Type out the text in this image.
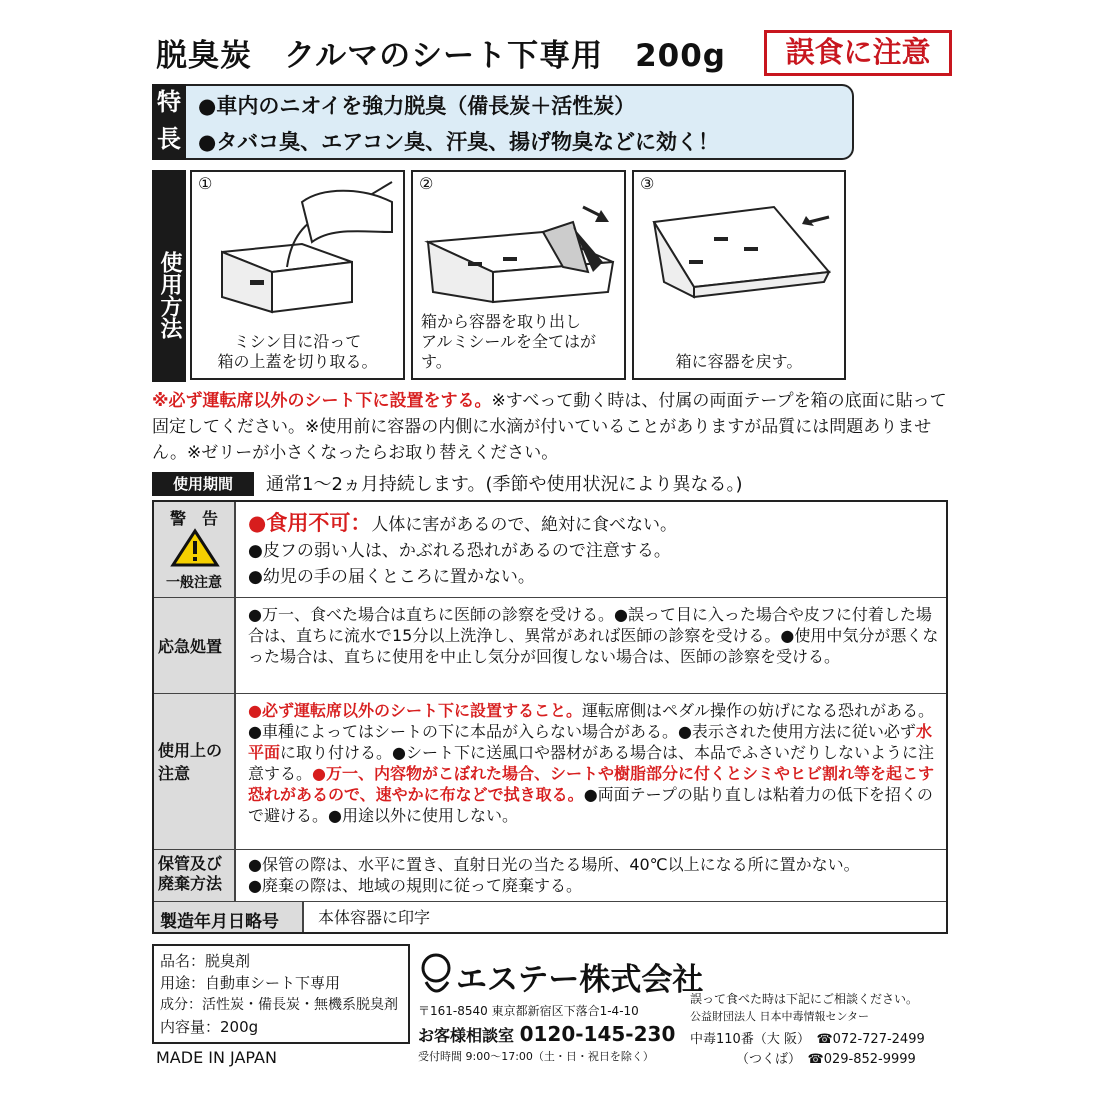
脱臭炭 クルマのシート下専用 200g	誤食に注意
特長
●車内のニオイを強力脱臭（備長炭＋活性炭）
●タバコ臭、エアコン臭、汗臭、揚げ物臭などに効く！
使用方法
①
ミシン目に沿って
箱の上蓋を切り取る。
②
箱から容器を取り出し
アルミシールを全てはがす。
③
箱に容器を戻す。
※必ず運転席以外のシート下に設置をする。※すべって動く時は、付属の両面テープを箱の底面に貼って固定してください。※使用前に容器の内側に水滴が付いていることがありますが品質には問題ありません。※ゼリーが小さくなったらお取り替えください。
使用期間	通常1～2ヵ月持続します。(季節や使用状況により異なる。)
警　告
一般注意
●食用不可：人体に害があるので、絶対に食べない。
●皮フの弱い人は、かぶれる恐れがあるので注意する。
●幼児の手の届くところに置かない。
応急処置
●万一、食べた場合は直ちに医師の診察を受ける。●誤って目に入った場合や皮フに付着した場合は、直ちに流水で15分以上洗浄し、異常があれば医師の診察を受ける。●使用中気分が悪くなった場合は、直ちに使用を中止し気分が回復しない場合は、医師の診察を受ける。
使用上の注意
●必ず運転席以外のシート下に設置すること。運転席側はペダル操作の妨げになる恐れがある。●車種によってはシートの下に本品が入らない場合がある。●表示された使用方法に従い必ず水平面に取り付ける。●シート下に送風口や器材がある場合は、本品でふさいだりしないように注意する。●万一、内容物がこぼれた場合、シートや樹脂部分に付くとシミやヒビ割れ等を起こす恐れがあるので、速やかに布などで拭き取る。●両面テープの貼り直しは粘着力の低下を招くので避ける。●用途以外に使用しない。
保管及び廃棄方法
●保管の際は、水平に置き、直射日光の当たる場所、40℃以上になる所に置かない。
●廃棄の際は、地域の規則に従って廃棄する。
製造年月日略号 本体容器に印字
品名：脱臭剤
用途：自動車シート下専用
成分：活性炭・備長炭・無機系脱臭剤
内容量：200g
MADE IN JAPAN
エステー株式会社
〒161-8540 東京都新宿区下落合1-4-10
お客様相談室 0120-145-230
受付時間 9:00～17:00（土・日・祝日を除く）
誤って食べた時は下記にご相談ください。
公益財団法人 日本中毒情報センター
中毒110番（大 阪）　☎072-727-2499
（つくば）　☎029-852-9999
